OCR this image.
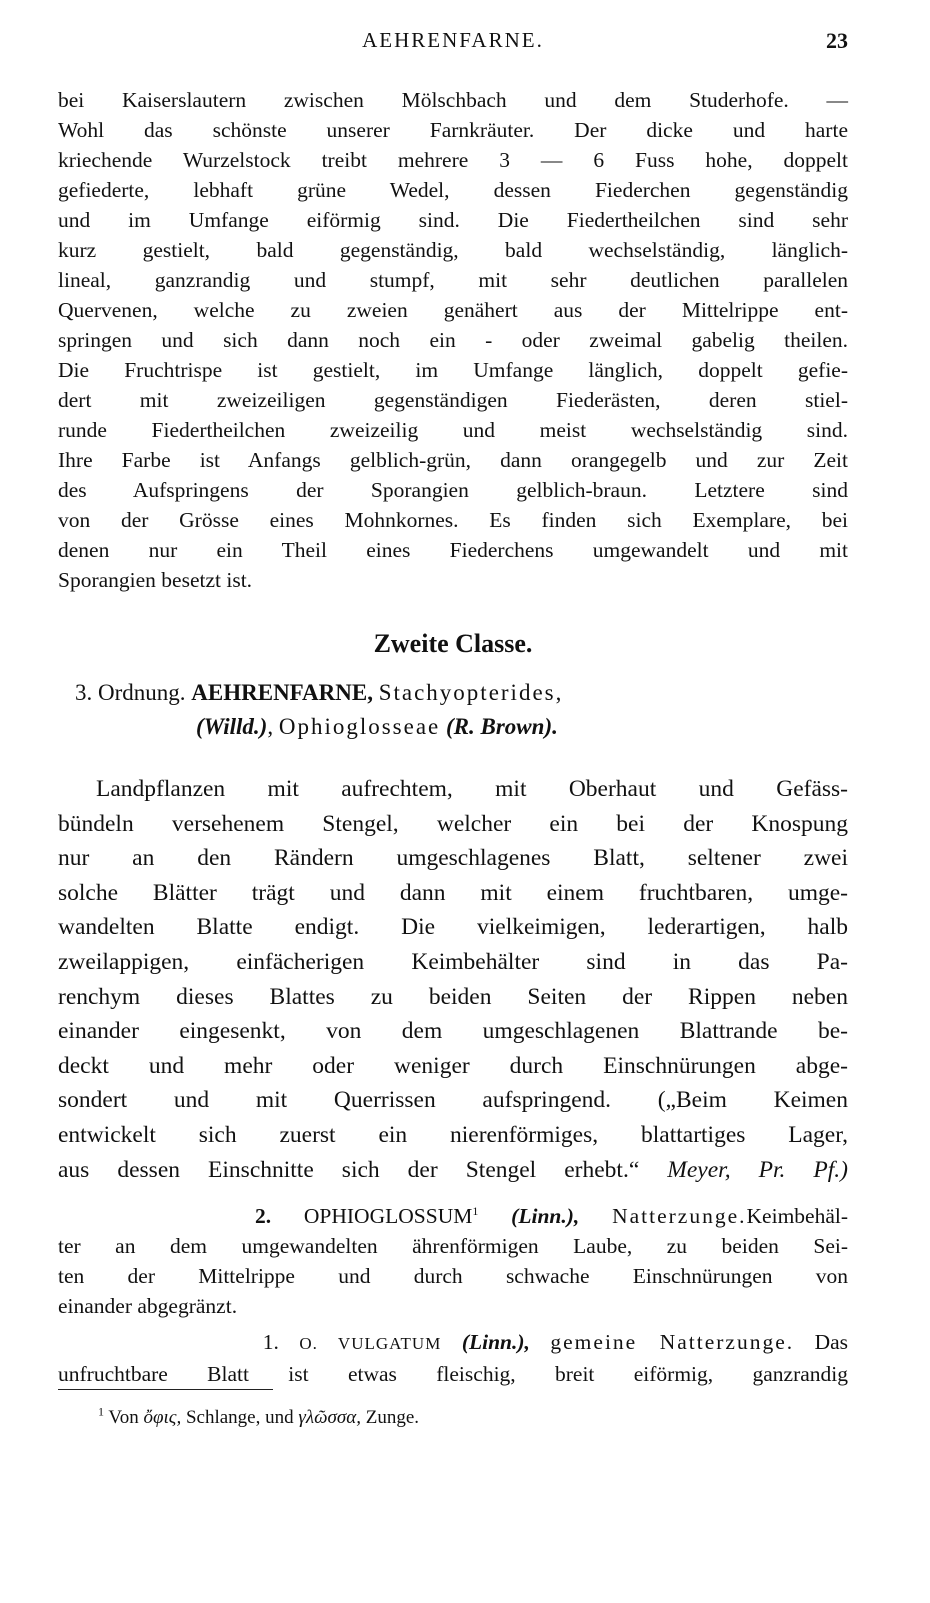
AEHRENFARNE.	23
bei Kaiserslautern zwischen Mölschbach und dem Studerhofe. —
Wohl das schönste unserer Farnkräuter. Der dicke und harte
kriechende Wurzelstock treibt mehrere 3 — 6 Fuss hohe, doppelt
gefiederte, lebhaft grüne Wedel, dessen Fiederchen gegenständig
und im Umfange eiförmig sind. Die Fiedertheilchen sind sehr
kurz gestielt, bald gegenständig, bald wechselständig, länglich-
lineal, ganzrandig und stumpf, mit sehr deutlichen parallelen
Quervenen, welche zu zweien genähert aus der Mittelrippe ent-
springen und sich dann noch ein - oder zweimal gabelig theilen.
Die Fruchtrispe ist gestielt, im Umfange länglich, doppelt gefie-
dert mit zweizeiligen gegenständigen Fiederästen, deren stiel-
runde Fiedertheilchen zweizeilig und meist wechselständig sind.
Ihre Farbe ist Anfangs gelblich-grün, dann orangegelb und zur Zeit
des Aufspringens der Sporangien gelblich-braun. Letztere sind
von der Grösse eines Mohnkornes. Es finden sich Exemplare, bei
denen nur ein Theil eines Fiederchens umgewandelt und mit
Sporangien besetzt ist.
Zweite Classe.
3. Ordnung. AEHRENFARNE, Stachyopterides,
(Willd.), Ophioglosseae (R. Brown).
Landpflanzen mit aufrechtem, mit Oberhaut und Gefäss-
bündeln versehenem Stengel, welcher ein bei der Knospung
nur an den Rändern umgeschlagenes Blatt, seltener zwei
solche Blätter trägt und dann mit einem fruchtbaren, umge-
wandelten Blatte endigt. Die vielkeimigen, lederartigen, halb
zweilappigen, einfächerigen Keimbehälter sind in das Pa-
renchym dieses Blattes zu beiden Seiten der Rippen neben
einander eingesenkt, von dem umgeschlagenen Blattrande be-
deckt und mehr oder weniger durch Einschnürungen abge-
sondert und mit Querrissen aufspringend. („Beim Keimen
entwickelt sich zuerst ein nierenförmiges, blattartiges Lager,
aus dessen Einschnitte sich der Stengel erhebt.“ Meyer, Pr. Pf.)
2. OPHIOGLOSSUM$^1$ (Linn.), Natterzunge.Keimbehäl-
ter an dem umgewandelten ährenförmigen Laube, zu beiden Sei-
ten der Mittelrippe und durch schwache Einschnürungen von
einander abgegränzt.
1. O. VULGATUM (Linn.), gemeine Natterzunge. Das
unfruchtbare Blatt ist etwas fleischig, breit eiförmig, ganzrandig
$^1$ Von ὄφις, Schlange, und γλῶσσα, Zunge.
